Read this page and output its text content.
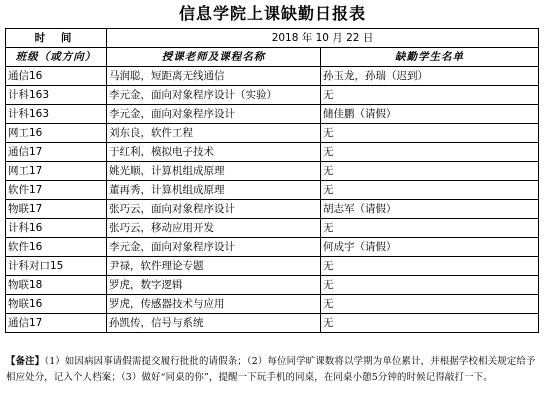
信息学院上课缺勤日报表
时 间	2018 年 10 月 22 日	
班级（或方向）	授课老师及课程名称	缺勤学生名单
通信16	马润聪，短距离无线通信	孙玉龙，孙瑞（迟到）
计科163	李元金，面向对象程序设计（实验）	无
计科163	李元金，面向对象程序设计	储佳鹏（请假）
网工16	刘东良，软件工程	无
通信17	于红利，模拟电子技术	无
网工17	姚光顺，计算机组成原理	无
软件17	董再秀，计算机组成原理	无
物联17	张巧云，面向对象程序设计	胡志军（请假）
计科16	张巧云，移动应用开发	无
软件16	李元金，面向对象程序设计	何成宇（请假）
计科对口15	尹禄，软件理论专题	无
物联18	罗虎，数字逻辑	无
物联16	罗虎，传感器技术与应用	无
通信17	孙凯传，信号与系统	无
【备注】（1）如因病因事请假需提交履行批批的请假条；（2）每位同学旷课数将以学期为单位累计，并根据学校相关规定给予相应处分，记入个人档案；（3）做好“同桌的你”，提醒一下玩手机的同桌，在同桌小憩5分钟的时候记得敲打一下。
